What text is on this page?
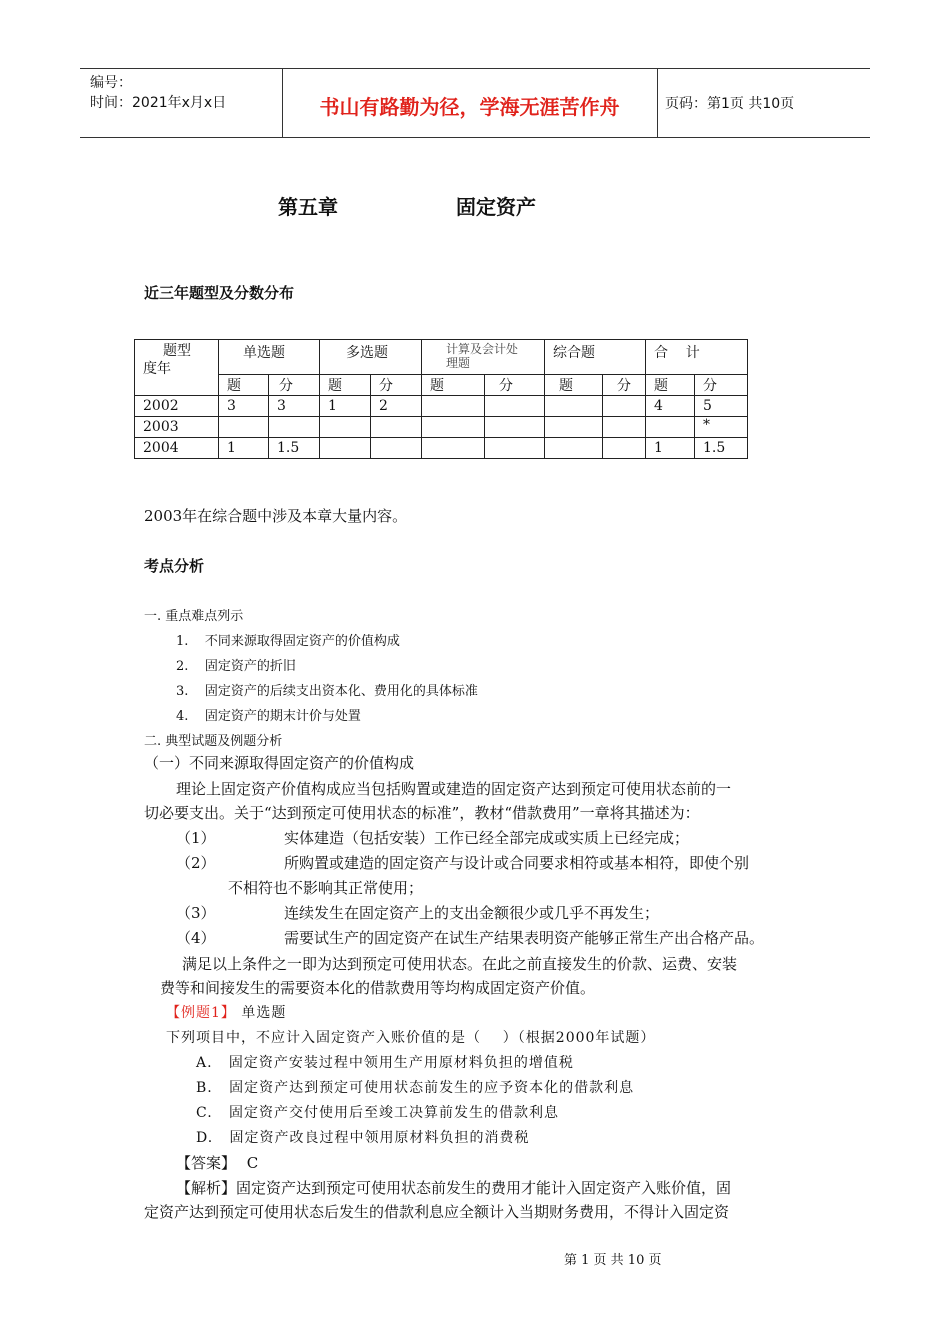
编号：
时间：2021年x月x日	书山有路勤为径，学海无涯苦作舟	页码：第1页 共10页
第五章	固定资产
近三年题型及分数分布
题型
度年	单选题		多选题		计算及会计处理题		综合题		合    计	
	题	分	题	分	题	分	题	分	题	分
2002	3	3	1	2					4	5
2003										*
2004	1	1.5							1	1.5
2003年在综合题中涉及本章大量内容。
考点分析
一. 重点难点列示
1.    不同来源取得固定资产的价值构成
2.    固定资产的折旧
3.    固定资产的后续支出资本化、费用化的具体标准
4.    固定资产的期末计价与处置
二. 典型试题及例题分析
（一）不同来源取得固定资产的价值构成
理论上固定资产价值构成应当包括购置或建造的固定资产达到预定可使用状态前的一
切必要支出。关于“达到预定可使用状态的标准”，教材“借款费用”一章将其描述为：
（1）	实体建造（包括安装）工作已经全部完成或实质上已经完成；
（2）	所购置或建造的固定资产与设计或合同要求相符或基本相符，即使个别
不相符也不影响其正常使用；
（3）	连续发生在固定资产上的支出金额很少或几乎不再发生；
（4）	需要试生产的固定资产在试生产结果表明资产能够正常生产出合格产品。
满足以上条件之一即为达到预定可使用状态。在此之前直接发生的价款、运费、安装
费等和间接发生的需要资本化的借款费用等均构成固定资产价值。
【例题1】 单选题
下列项目中，不应计入固定资产入账价值的是（    ）（根据2000年试题）
A.   固定资产安装过程中领用生产用原材料负担的增值税
B.   固定资产达到预定可使用状态前发生的应予资本化的借款利息
C.   固定资产交付使用后至竣工决算前发生的借款利息
D.   固定资产改良过程中领用原材料负担的消费税
【答案】 C
【解析】固定资产达到预定可使用状态前发生的费用才能计入固定资产入账价值，固
定资产达到预定可使用状态后发生的借款利息应全额计入当期财务费用，不得计入固定资
第 1 页 共 10 页
